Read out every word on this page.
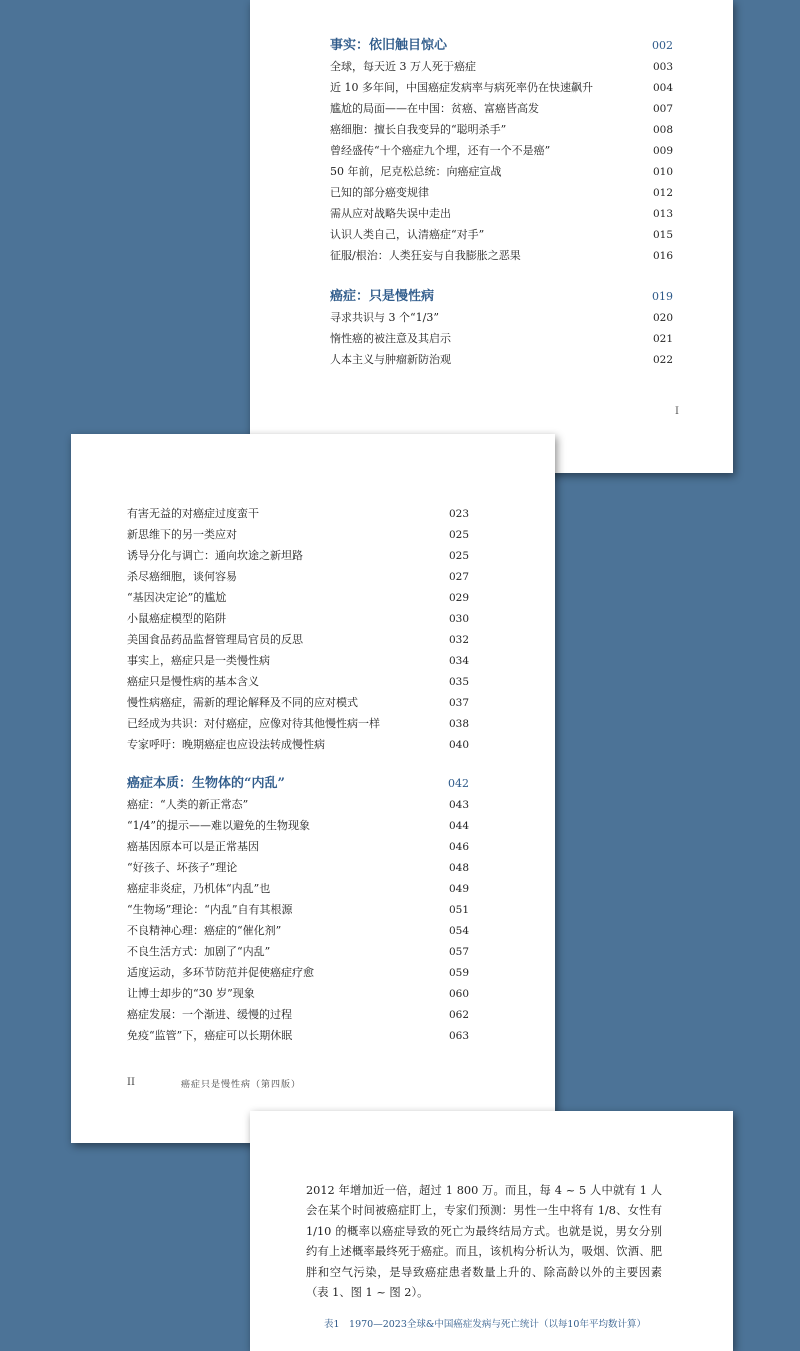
事实：依旧触目惊心	002
全球，每天近 3 万人死于癌症	003
近 10 多年间，中国癌症发病率与病死率仍在快速飙升	004
尴尬的局面——在中国：贫癌、富癌皆高发	007
癌细胞：擅长自我变异的“聪明杀手”	008
曾经盛传“十个癌症九个埋，还有一个不是癌”	009
50 年前，尼克松总统：向癌症宣战	010
已知的部分癌变规律	012
需从应对战略失误中走出	013
认识人类自己，认清癌症“对手”	015
征服/根治：人类狂妄与自我膨胀之恶果	016
癌症：只是慢性病	019
寻求共识与 3 个“1/3”	020
惰性癌的被注意及其启示	021
人本主义与肿瘤新防治观	022
I
有害无益的对癌症过度蛮干	023
新思维下的另一类应对	025
诱导分化与调亡：通向坎途之新坦路	025
杀尽癌细胞，谈何容易	027
“基因决定论”的尴尬	029
小鼠癌症模型的陷阱	030
美国食品药品监督管理局官员的反思	032
事实上，癌症只是一类慢性病	034
癌症只是慢性病的基本含义	035
慢性病癌症，需新的理论解释及不同的应对模式	037
已经成为共识：对付癌症，应像对待其他慢性病一样	038
专家呼吁：晚期癌症也应设法转成慢性病	040
癌症本质：生物体的“内乱”	042
癌症：“人类的新正常态”	043
“1/4”的提示——难以避免的生物现象	044
癌基因原本可以是正常基因	046
“好孩子、坏孩子”理论	048
癌症非炎症，乃机体“内乱”也	049
“生物场”理论：“内乱”自有其根源	051
不良精神心理：癌症的“催化剂”	054
不良生活方式：加剧了“内乱”	057
适度运动，多环节防范并促使癌症疗愈	059
让博士却步的“30 岁”现象	060
癌症发展：一个渐进、缓慢的过程	062
免疫“监管”下，癌症可以长期休眠	063
II	癌症只是慢性病（第四版）
2012 年增加近一倍，超过 1 800 万。而且，每 4 ~ 5 人中就有 1 人会在某个时间被癌症盯上，专家们预测：男性一生中将有 1/8、女性有 1/10 的概率以癌症导致的死亡为最终结局方式。也就是说，男女分别约有上述概率最终死于癌症。而且，该机构分析认为，吸烟、饮酒、肥胖和空气污染，是导致癌症患者数量上升的、除高龄以外的主要因素（表 1、图 1 ~ 图 2）。
表1　1970—2023全球&中国癌症发病与死亡统计（以每10年平均数计算）
